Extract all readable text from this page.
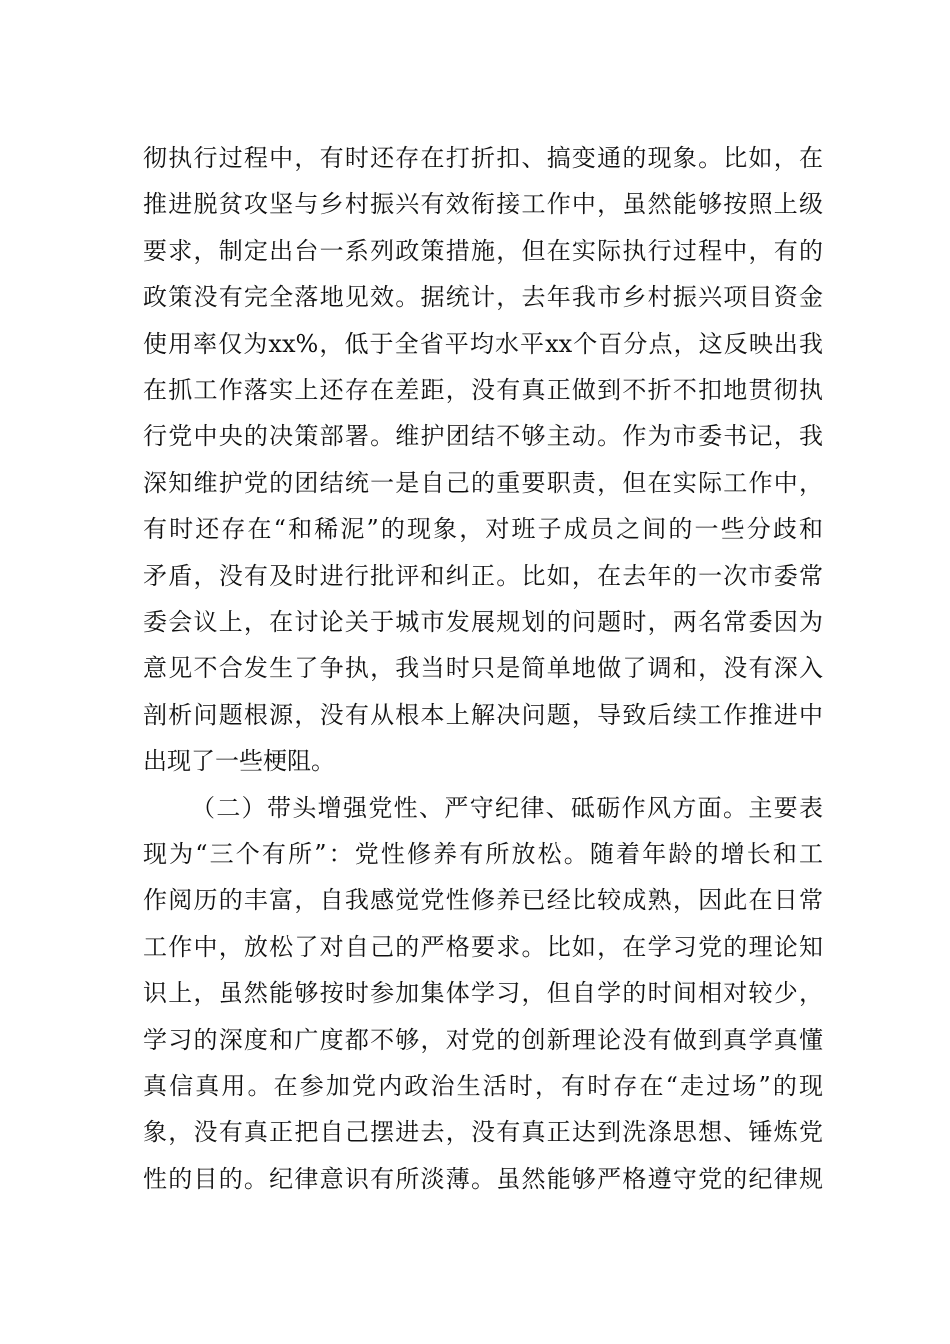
彻执行过程中，有时还存在打折扣、搞变通的现象。比如，在
推进脱贫攻坚与乡村振兴有效衔接工作中，虽然能够按照上级
要求，制定出台一系列政策措施，但在实际执行过程中，有的
政策没有完全落地见效。据统计，去年我市乡村振兴项目资金
使用率仅为xx%，低于全省平均水平xx个百分点，这反映出我
在抓工作落实上还存在差距，没有真正做到不折不扣地贯彻执
行党中央的决策部署。维护团结不够主动。作为市委书记，我
深知维护党的团结统一是自己的重要职责，但在实际工作中，
有时还存在“和稀泥”的现象，对班子成员之间的一些分歧和
矛盾，没有及时进行批评和纠正。比如，在去年的一次市委常
委会议上，在讨论关于城市发展规划的问题时，两名常委因为
意见不合发生了争执，我当时只是简单地做了调和，没有深入
剖析问题根源，没有从根本上解决问题，导致后续工作推进中
出现了一些梗阻。
（二）带头增强党性、严守纪律、砥砺作风方面。主要表
现为“三个有所”：党性修养有所放松。随着年龄的增长和工
作阅历的丰富，自我感觉党性修养已经比较成熟，因此在日常
工作中，放松了对自己的严格要求。比如，在学习党的理论知
识上，虽然能够按时参加集体学习，但自学的时间相对较少，
学习的深度和广度都不够，对党的创新理论没有做到真学真懂
真信真用。在参加党内政治生活时，有时存在“走过场”的现
象，没有真正把自己摆进去，没有真正达到洗涤思想、锤炼党
性的目的。纪律意识有所淡薄。虽然能够严格遵守党的纪律规
